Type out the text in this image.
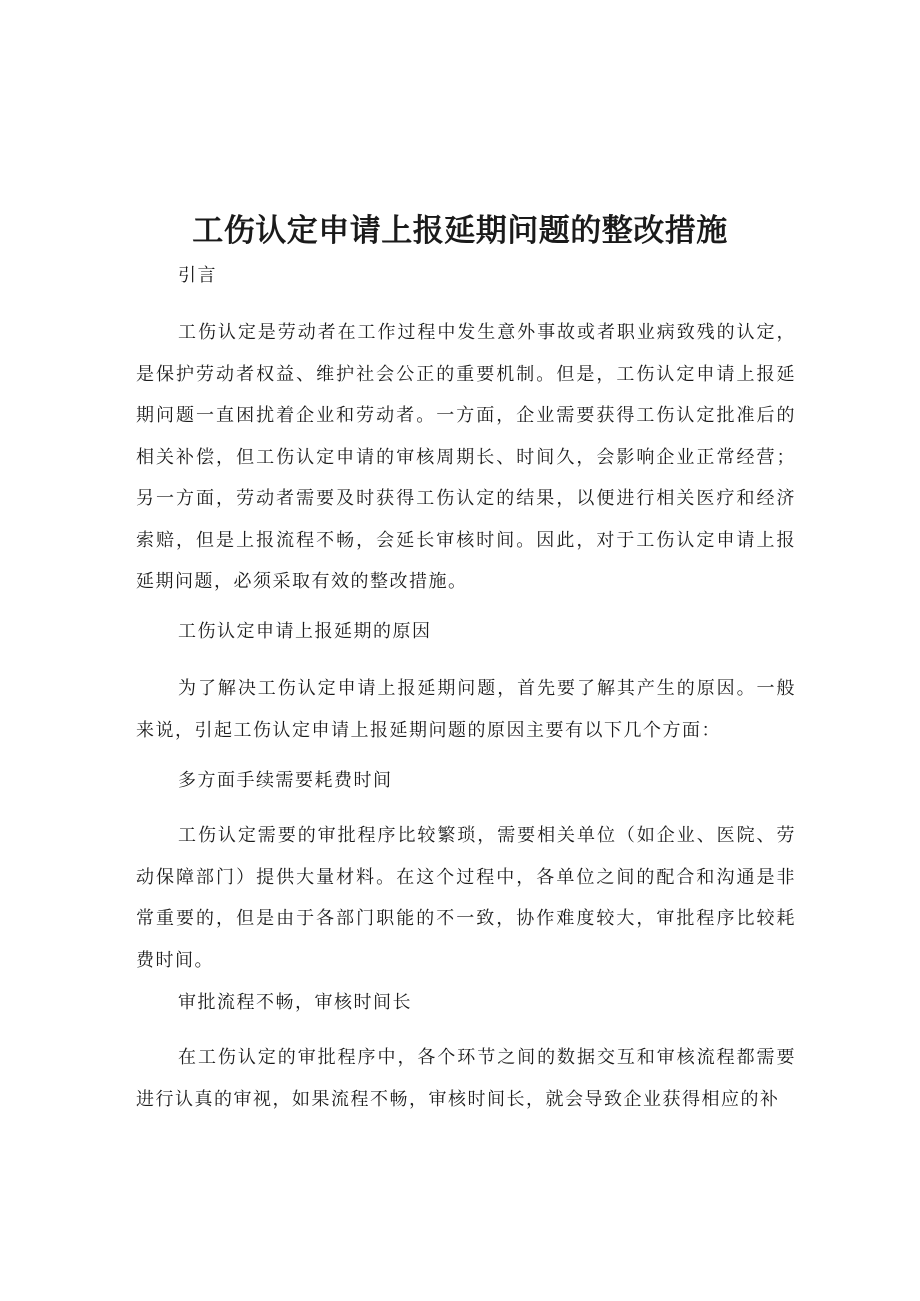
工伤认定申请上报延期问题的整改措施
引言

工伤认定是劳动者在工作过程中发生意外事故或者职业病致残的认定，是保护劳动者权益、维护社会公正的重要机制。但是，工伤认定申请上报延期问题一直困扰着企业和劳动者。一方面，企业需要获得工伤认定批准后的相关补偿，但工伤认定申请的审核周期长、时间久，会影响企业正常经营；另一方面，劳动者需要及时获得工伤认定的结果，以便进行相关医疗和经济索赔，但是上报流程不畅，会延长审核时间。因此，对于工伤认定申请上报延期问题，必须采取有效的整改措施。

工伤认定申请上报延期的原因

为了解决工伤认定申请上报延期问题，首先要了解其产生的原因。一般来说，引起工伤认定申请上报延期问题的原因主要有以下几个方面：

多方面手续需要耗费时间

工伤认定需要的审批程序比较繁琐，需要相关单位（如企业、医院、劳动保障部门）提供大量材料。在这个过程中，各单位之间的配合和沟通是非常重要的，但是由于各部门职能的不一致，协作难度较大，审批程序比较耗费时间。

审批流程不畅，审核时间长

在工伤认定的审批程序中，各个环节之间的数据交互和审核流程都需要进行认真的审视，如果流程不畅，审核时间长，就会导致企业获得相应的补
